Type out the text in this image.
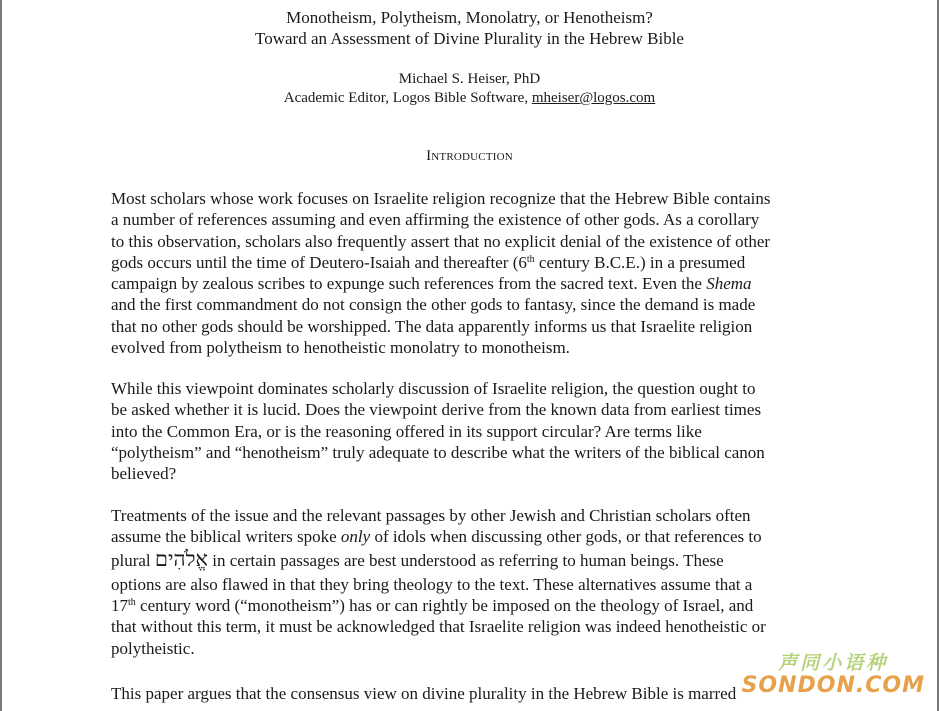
Monotheism, Polytheism, Monolatry, or Henotheism?
Toward an Assessment of Divine Plurality in the Hebrew Bible
Michael S. Heiser, PhD
Academic Editor, Logos Bible Software, mheiser@logos.com
Introduction
Most scholars whose work focuses on Israelite religion recognize that the Hebrew Bible contains
a number of references assuming and even affirming the existence of other gods. As a corollary
to this observation, scholars also frequently assert that no explicit denial of the existence of other
gods occurs until the time of Deutero-Isaiah and thereafter (6th century B.C.E.) in a presumed
campaign by zealous scribes to expunge such references from the sacred text. Even the Shema
and the first commandment do not consign the other gods to fantasy, since the demand is made
that no other gods should be worshipped. The data apparently informs us that Israelite religion
evolved from polytheism to henotheistic monolatry to monotheism.
While this viewpoint dominates scholarly discussion of Israelite religion, the question ought to
be asked whether it is lucid. Does the viewpoint derive from the known data from earliest times
into the Common Era, or is the reasoning offered in its support circular? Are terms like
“polytheism” and “henotheism” truly adequate to describe what the writers of the biblical canon
believed?
Treatments of the issue and the relevant passages by other Jewish and Christian scholars often
assume the biblical writers spoke only of idols when discussing other gods, or that references to
plural אֱלֹהִים in certain passages are best understood as referring to human beings. These
options are also flawed in that they bring theology to the text. These alternatives assume that a
17th century word (“monotheism”) has or can rightly be imposed on the theology of Israel, and
that without this term, it must be acknowledged that Israelite religion was indeed henotheistic or
polytheistic.
This paper argues that the consensus view on divine plurality in the Hebrew Bible is marred
声同小语种
SONDON.COM
